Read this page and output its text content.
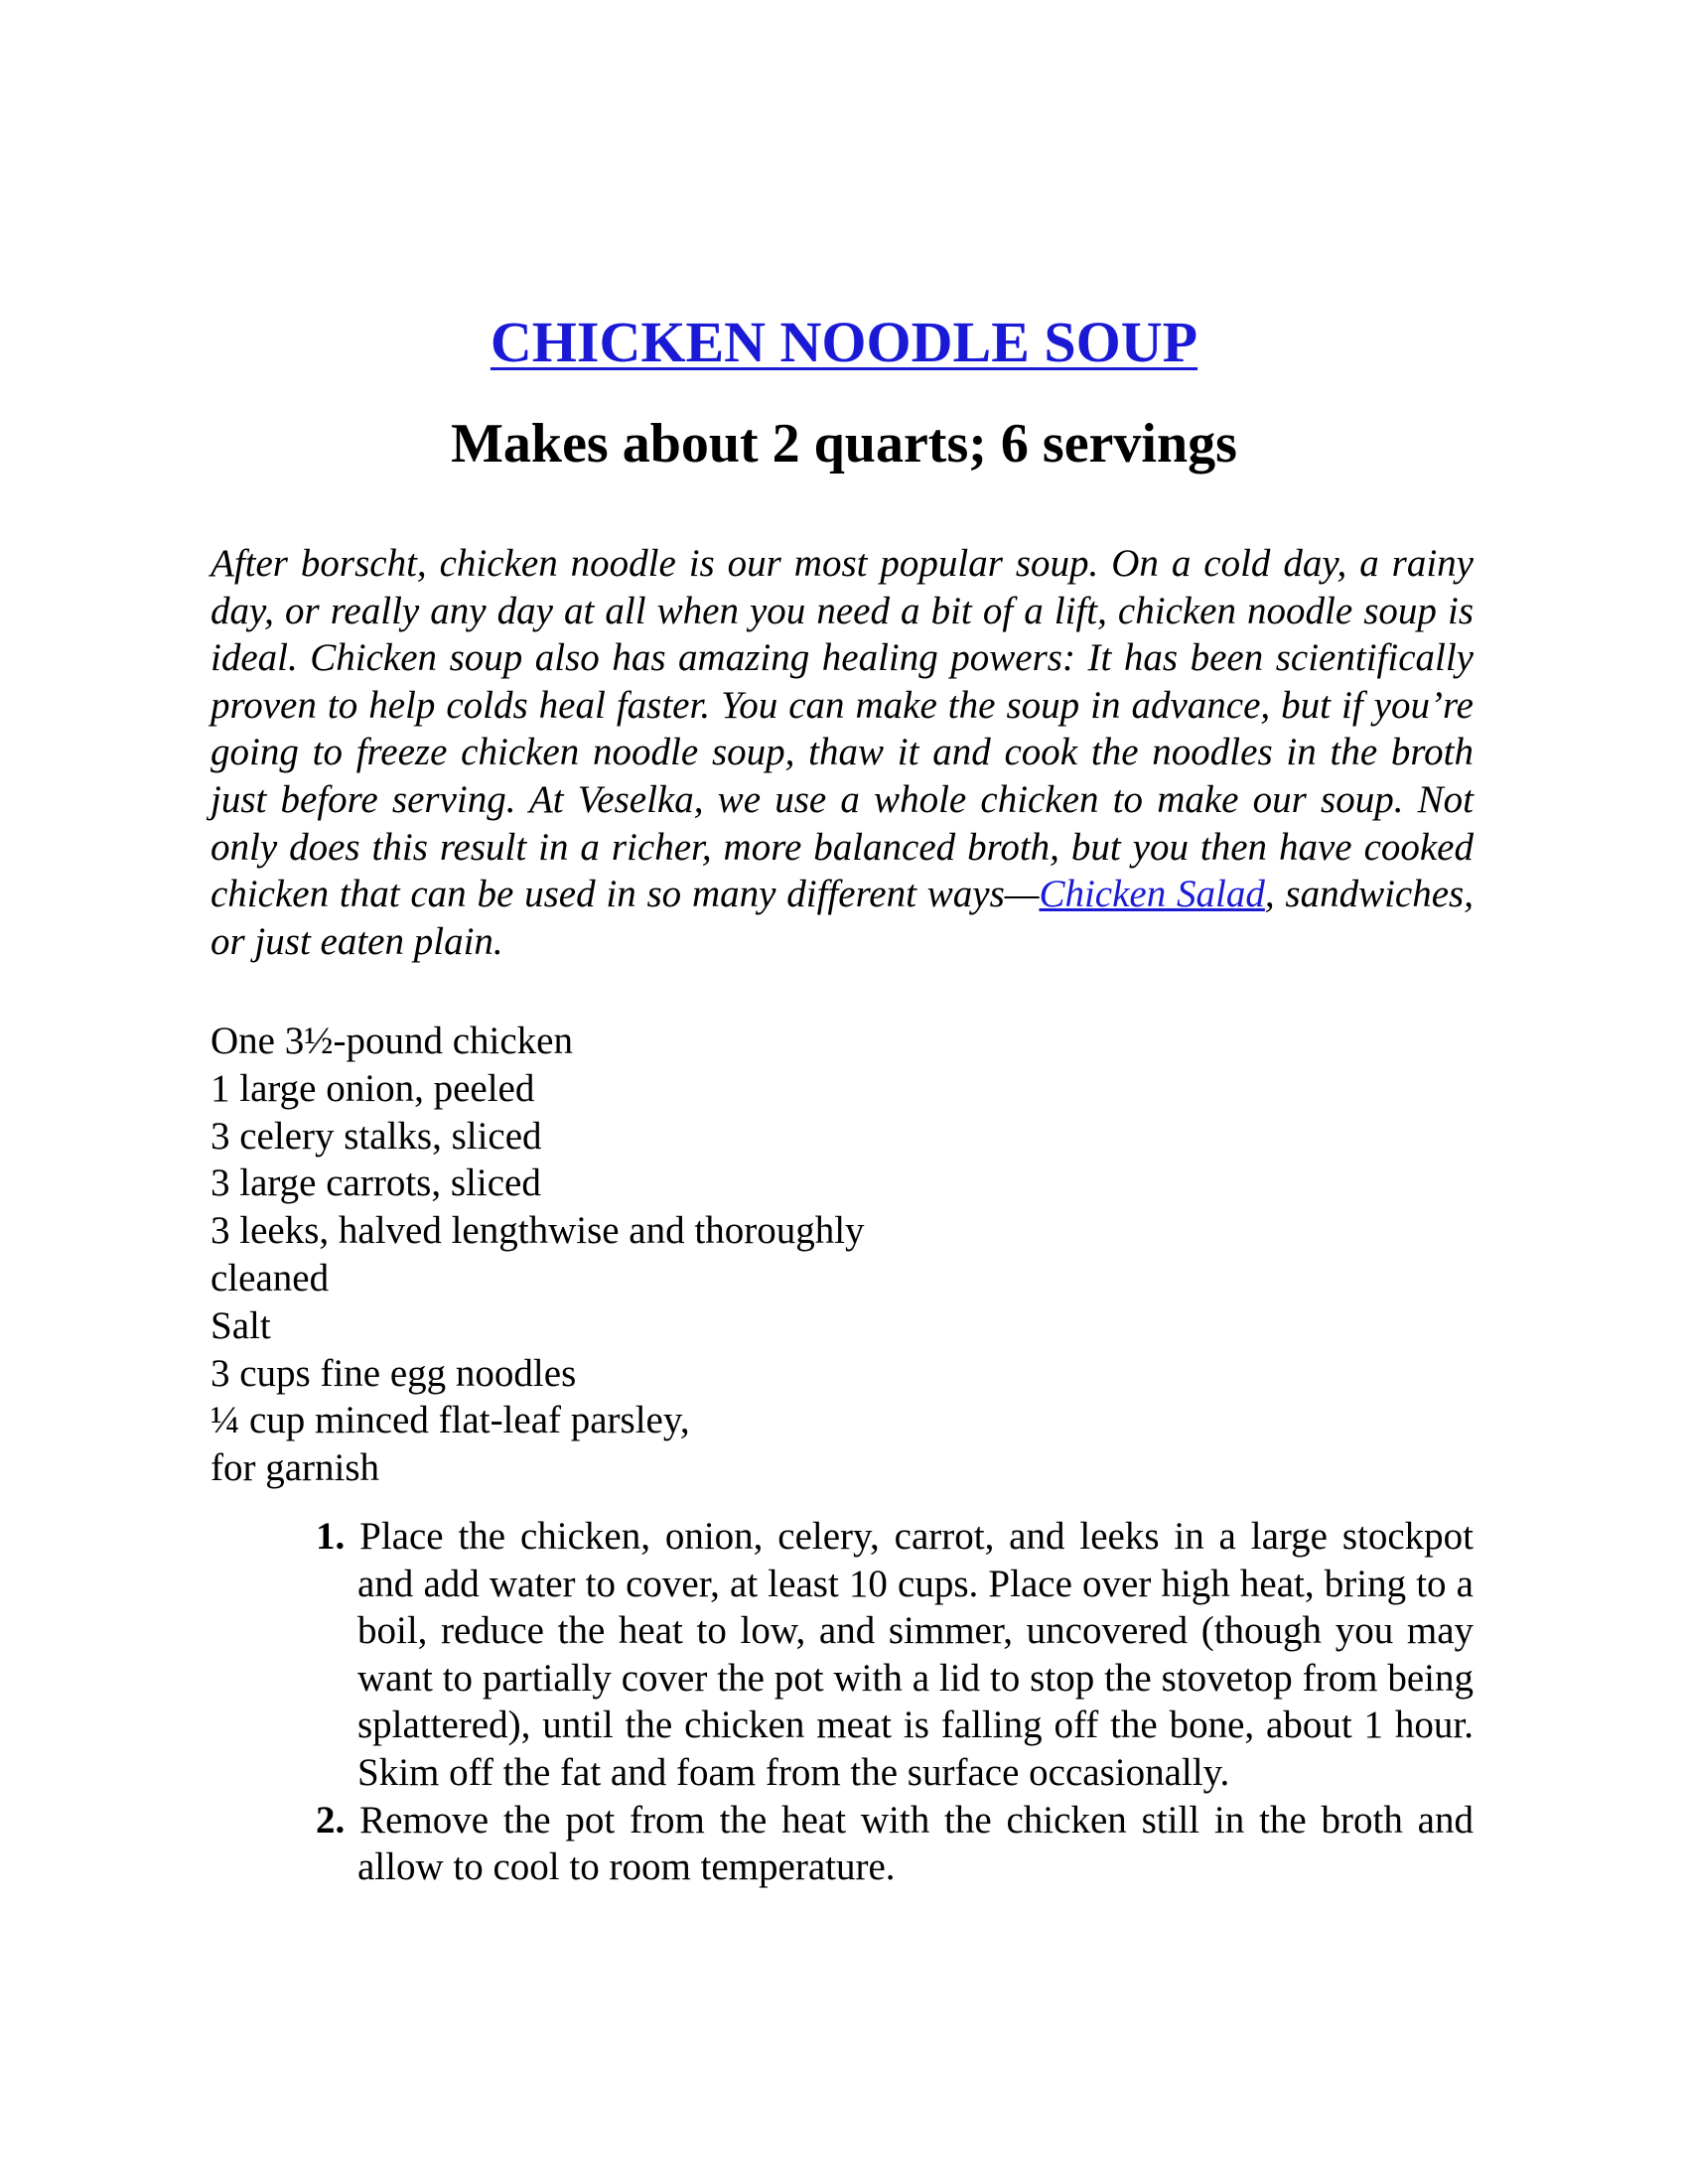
CHICKEN NOODLE SOUP
Makes about 2 quarts; 6 servings

After borscht, chicken noodle is our most popular soup. On a cold day, a rainy day, or really any day at all when you need a bit of a lift, chicken noodle soup is ideal. Chicken soup also has amazing healing powers: It has been scientifically proven to help colds heal faster. You can make the soup in advance, but if you’re going to freeze chicken noodle soup, thaw it and cook the noodles in the broth just before serving. At Veselka, we use a whole chicken to make our soup. Not only does this result in a richer, more balanced broth, but you then have cooked chicken that can be used in so many different ways—Chicken Salad, sandwiches, or just eaten plain.

One 3½-pound chicken
1 large onion, peeled
3 celery stalks, sliced
3 large carrots, sliced
3 leeks, halved lengthwise and thoroughly
cleaned
Salt
3 cups fine egg noodles
¼ cup minced flat-leaf parsley,
for garnish
1. Place the chicken, onion, celery, carrot, and leeks in a large stockpot and add water to cover, at least 10 cups. Place over high heat, bring to a boil, reduce the heat to low, and simmer, uncovered (though you may want to partially cover the pot with a lid to stop the stovetop from being splattered), until the chicken meat is falling off the bone, about 1 hour. Skim off the fat and foam from the surface occasionally.
2. Remove the pot from the heat with the chicken still in the broth and allow to cool to room temperature.
